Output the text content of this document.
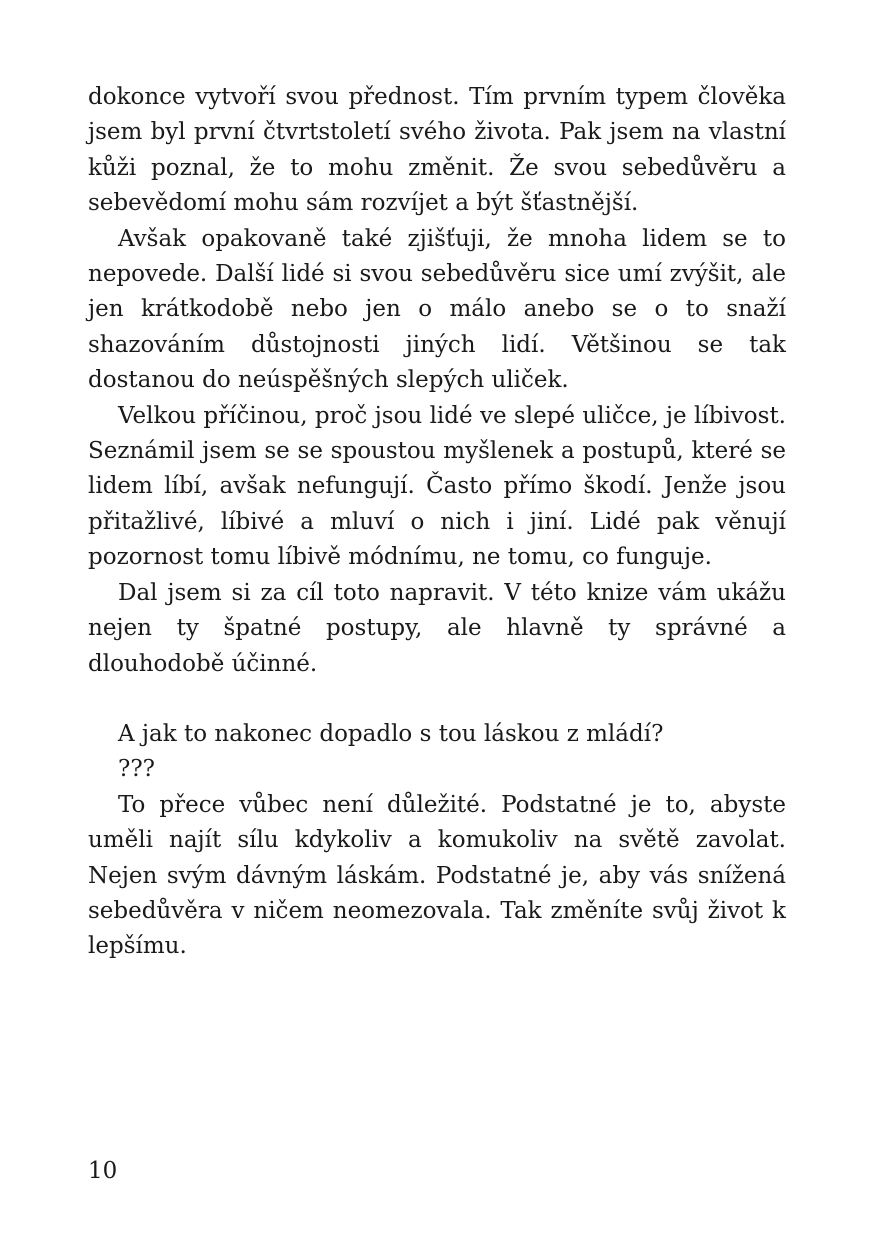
dokonce vytvoří svou přednost. Tím prvním typem člověka jsem byl první čtvrtstoletí svého života. Pak jsem na vlastní kůži poznal, že to mohu změnit. Že svou sebedůvěru a sebevědomí mohu sám rozvíjet a být šťastnější.

Avšak opakovaně také zjišťuji, že mnoha lidem se to nepovede. Další lidé si svou sebedůvěru sice umí zvýšit, ale jen krátkodobě nebo jen o málo anebo se o to snaží shazováním důstojnosti jiných lidí. Většinou se tak dostanou do neúspěšných slepých uliček.

Velkou příčinou, proč jsou lidé ve slepé uličce, je líbivost. Seznámil jsem se se spoustou myšlenek a postupů, které se lidem líbí, avšak nefungují. Často přímo škodí. Jenže jsou přitažlivé, líbivé a mluví o nich i jiní. Lidé pak věnují pozornost tomu líbivě módnímu, ne tomu, co funguje.

Dal jsem si za cíl toto napravit. V této knize vám ukážu nejen ty špatné postupy, ale hlavně ty správné a dlouhodobě účinné.

A jak to nakonec dopadlo s tou láskou z mládí?

???

To přece vůbec není důležité. Podstatné je to, abyste uměli najít sílu kdykoliv a komukoliv na světě zavolat. Nejen svým dávným láskám. Podstatné je, aby vás snížená sebedůvěra v ničem neomezovala. Tak změníte svůj život k lepšímu.

10
